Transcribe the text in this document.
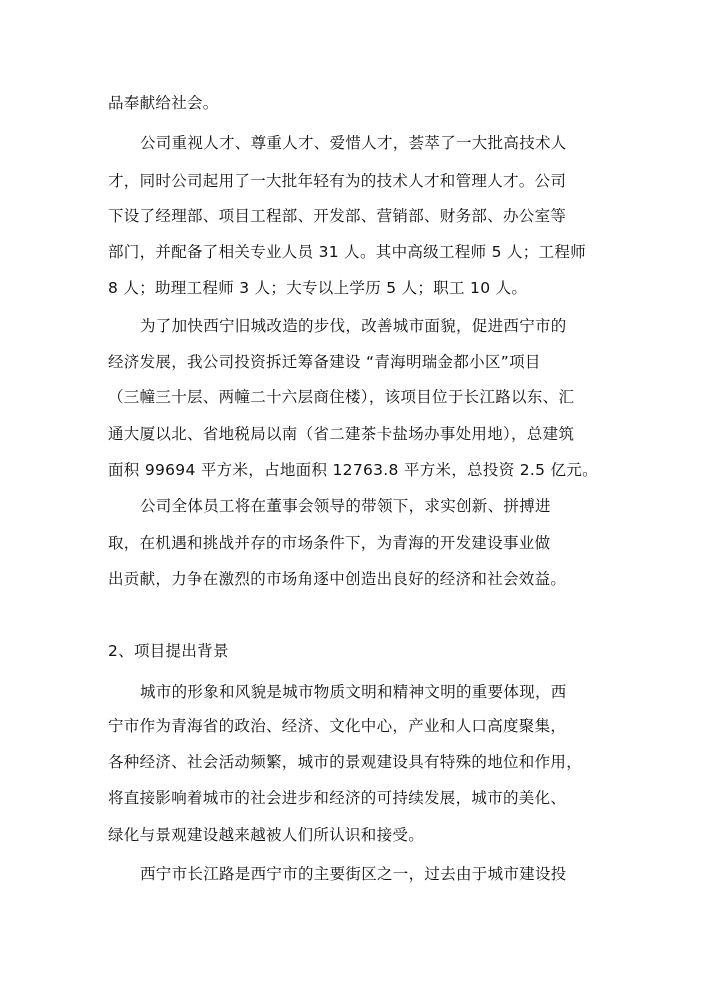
品奉献给社会。
公司重视人才、尊重人才、爱惜人才，荟萃了一大批高技术人
才，同时公司起用了一大批年轻有为的技术人才和管理人才。公司
下设了经理部、项目工程部、开发部、营销部、财务部、办公室等
部门，并配备了相关专业人员 31 人。其中高级工程师 5 人；工程师
8 人；助理工程师 3 人；大专以上学历 5 人；职工 10 人。
为了加快西宁旧城改造的步伐，改善城市面貌，促进西宁市的
经济发展，我公司投资拆迁筹备建设 “青海明瑞金都小区”项目
（三幢三十层、两幢二十六层商住楼），该项目位于长江路以东、汇
通大厦以北、省地税局以南（省二建茶卡盐场办事处用地），总建筑
面积 99694 平方米，占地面积 12763.8 平方米，总投资 2.5 亿元。
公司全体员工将在董事会领导的带领下，求实创新、拼搏进
取，在机遇和挑战并存的市场条件下，为青海的开发建设事业做
出贡献，力争在激烈的市场角逐中创造出良好的经济和社会效益。
2、项目提出背景
城市的形象和风貌是城市物质文明和精神文明的重要体现，西
宁市作为青海省的政治、经济、文化中心，产业和人口高度聚集，
各种经济、社会活动频繁，城市的景观建设具有特殊的地位和作用，
将直接影响着城市的社会进步和经济的可持续发展，城市的美化、
绿化与景观建设越来越被人们所认识和接受。
西宁市长江路是西宁市的主要街区之一，过去由于城市建设投
